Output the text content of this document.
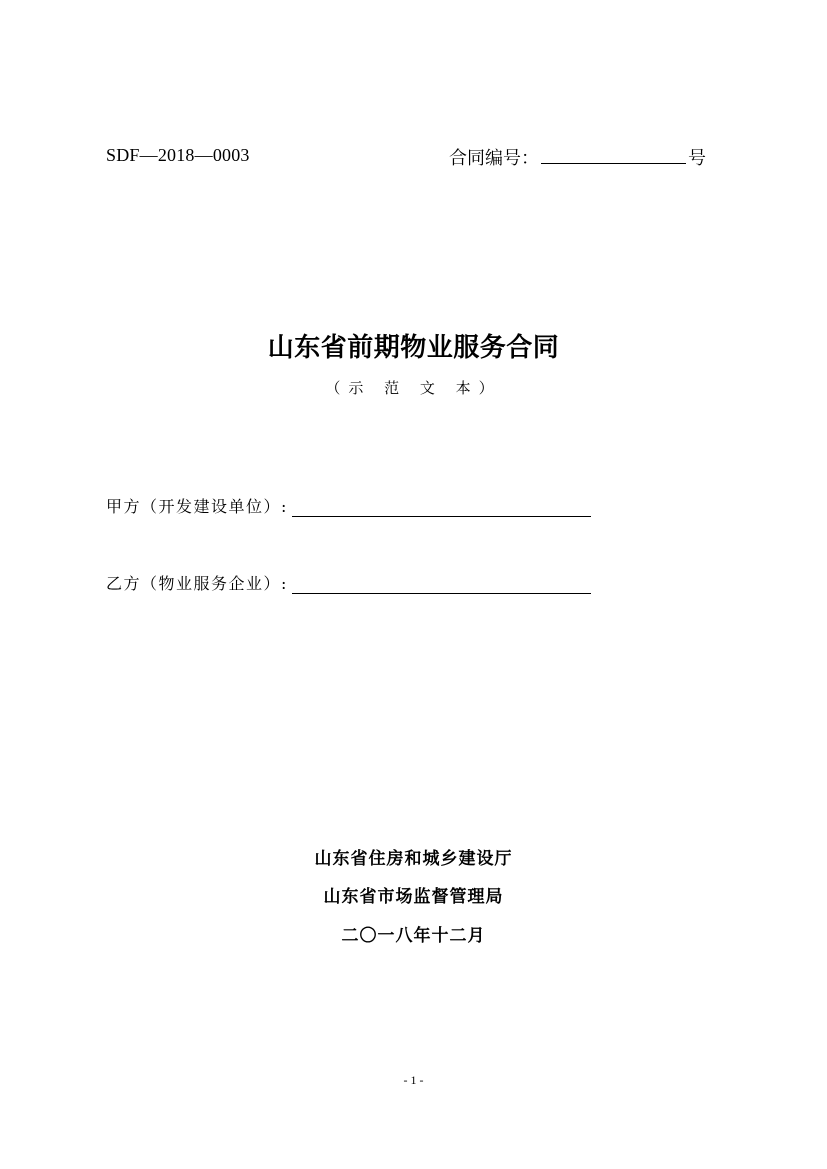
SDF—2018—0003	合同编号：	号
山东省前期物业服务合同
（示 范 文 本）
甲方（开发建设单位）:
乙方（物业服务企业）:
山东省住房和城乡建设厅
山东省市场监督管理局
二〇一八年十二月
- 1 -
